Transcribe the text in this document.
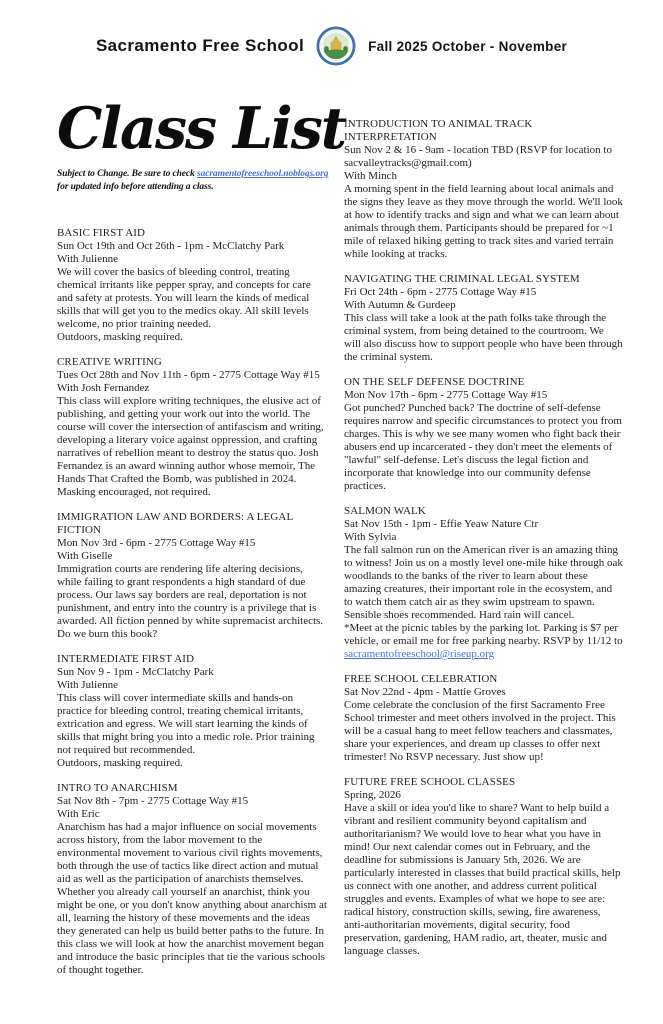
Sacramento Free School	Fall 2025 October - November
Class List
Subject to Change. Be sure to check sacramentofreeschool.noblogs.org for updated info before attending a class.
BASIC FIRST AID
Sun Oct 19th and Oct 26th - 1pm - McClatchy Park
With Julienne
We will cover the basics of bleeding control, treating chemical irritants like pepper spray, and concepts for care and safety at protests. You will learn the kinds of medical skills that will get you to the medics okay. All skill levels welcome, no prior training needed.
Outdoors, masking required.
CREATIVE WRITING
Tues Oct 28th and Nov 11th - 6pm - 2775 Cottage Way #15
With Josh Fernandez
This class will explore writing techniques, the elusive act of publishing, and getting your work out into the world. The course will cover the intersection of antifascism and writing, developing a literary voice against oppression, and crafting narratives of rebellion meant to destroy the status quo. Josh Fernandez is an award winning author whose memoir, The Hands That Crafted the Bomb, was published in 2024.
Masking encouraged, not required.
IMMIGRATION LAW AND BORDERS: A LEGAL FICTION
Mon Nov 3rd - 6pm - 2775 Cottage Way #15
With Giselle
Immigration courts are rendering life altering decisions, while failing to grant respondents a high standard of due process. Our laws say borders are real, deportation is not punishment, and entry into the country is a privilege that is awarded. All fiction penned by white supremacist architects. Do we burn this book?
INTERMEDIATE FIRST AID
Sun Nov 9 - 1pm - McClatchy Park
With Julienne
This class will cover intermediate skills and hands-on practice for bleeding control, treating chemical irritants, extrication and egress. We will start learning the kinds of skills that might bring you into a medic role. Prior training not required but recommended.
Outdoors, masking required.
INTRO TO ANARCHISM
Sat Nov 8th - 7pm - 2775 Cottage Way #15
With Eric
Anarchism has had a major influence on social movements across history, from the labor movement to the environmental movement to various civil rights movements, both through the use of tactics like direct action and mutual aid as well as the participation of anarchists themselves. Whether you already call yourself an anarchist, think you might be one, or you don't know anything about anarchism at all, learning the history of these movements and the ideas they generated can help us build better paths to the future. In this class we will look at how the anarchist movement began and introduce the basic principles that tie the various schools of thought together.
INTRODUCTION TO ANIMAL TRACK INTERPRETATION
Sun Nov 2 & 16 - 9am - location TBD (RSVP for location to sacvalleytracks@gmail.com)
With Minch
A morning spent in the field learning about local animals and the signs they leave as they move through the world. We'll look at how to identify tracks and sign and what we can learn about animals through them. Participants should be prepared for ~1 mile of relaxed hiking getting to track sites and varied terrain while looking at tracks.
NAVIGATING THE CRIMINAL LEGAL SYSTEM
Fri Oct 24th - 6pm - 2775 Cottage Way #15
With Autumn & Gurdeep
This class will take a look at the path folks take through the criminal system, from being detained to the courtroom. We will also discuss how to support people who have been through the criminal system.
ON THE SELF DEFENSE DOCTRINE
Mon Nov 17th - 6pm - 2775 Cottage Way #15
Got punched? Punched back? The doctrine of self-defense requires narrow and specific circumstances to protect you from charges. This is why we see many women who fight back their abusers end up incarcerated - they don't meet the elements of "lawful" self-defense. Let's discuss the legal fiction and incorporate that knowledge into our community defense practices.
SALMON WALK
Sat Nov 15th - 1pm - Effie Yeaw Nature Ctr
With Sylvia
The fall salmon run on the American river is an amazing thing to witness! Join us on a mostly level one-mile hike through oak woodlands to the banks of the river to learn about these amazing creatures, their important role in the ecosystem, and to watch them catch air as they swim upstream to spawn. Sensible shoes recommended. Hard rain will cancel.
*Meet at the picnic tables by the parking lot. Parking is $7 per vehicle, or email me for free parking nearby. RSVP by 11/12 to sacramentofreeschool@riseup.org
FREE SCHOOL CELEBRATION
Sat Nov 22nd - 4pm - Mattie Groves
Come celebrate the conclusion of the first Sacramento Free School trimester and meet others involved in the project. This will be a casual hang to meet fellow teachers and classmates, share your experiences, and dream up classes to offer next trimester! No RSVP necessary. Just show up!
FUTURE FREE SCHOOL CLASSES
Spring, 2026
Have a skill or idea you'd like to share? Want to help build a vibrant and resilient community beyond capitalism and authoritarianism? We would love to hear what you have in mind! Our next calendar comes out in February, and the deadline for submissions is January 5th, 2026. We are particularly interested in classes that build practical skills, help us connect with one another, and address current political struggles and events. Examples of what we hope to see are: radical history, construction skills, sewing, fire awareness, anti-authoritarian movements, digital security, food preservation, gardening, HAM radio, art, theater, music and language classes.
